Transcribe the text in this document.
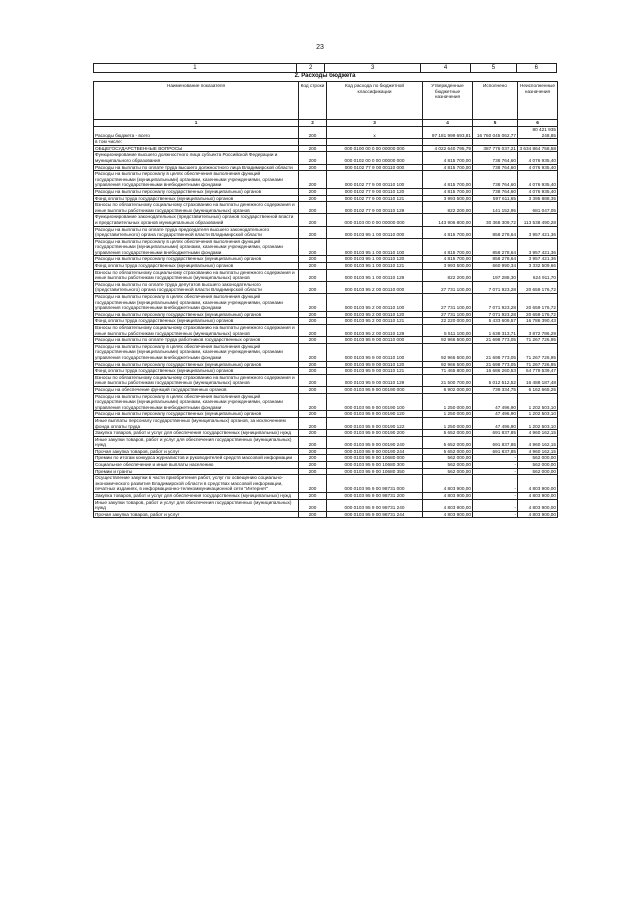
23
1	2	3	4	5	6
2. Расходы бюджета
Наименование показателя	Код строки	Код расхода по бюджетной классификации	Утвержденные бюджетные назначения	Исполнено	Неисполненные назначения
1	2	3	4	5	6
Расходы бюджета - всего	200	x	97 181 999 693,81	16 760 045 062,77	80 421 935 248,85
в том числе:					
ОБЩЕГОСУДАРСТВЕННЫЕ ВОПРОСЫ	200	000 0100 00 0 00 00000 000	4 022 640 795,79	387 776 037,21	3 634 864 758,58
Функционирование высшего должностного лица субъекта Российской Федерации и муниципального образования	200	000 0102 00 0 00 00000 000	4 815 700,00	738 764,60	4 076 935,40
Расходы на выплаты по оплате труда высшего должностного лица Владимирской области	200	000 0102 77 9 00 00110 000	4 815 700,00	738 764,60	4 076 935,40
Расходы на выплаты персоналу в целях обеспечения выполнения функций государственными (муниципальными) органами, казенными учреждениями, органами управления государственными внебюджетными фондами	200	000 0102 77 9 00 00110 100	4 815 700,00	738 764,60	4 076 935,40
Расходы на выплаты персоналу государственных (муниципальных) органов	200	000 0102 77 9 00 00110 120	4 815 700,00	738 764,60	4 076 935,40
Фонд оплаты труда государственных (муниципальных) органов	200	000 0102 77 9 00 00110 121	3 993 500,00	597 611,65	3 395 888,35
Взносы по обязательному социальному страхованию на выплаты денежного содержания и иные выплаты работникам государственных (муниципальных) органов	200	000 0102 77 9 00 00110 129	822 200,00	141 152,95	681 047,05
Функционирование законодательных (представительных) органов государственной власти и представительных органов муниципальных образований	200	000 0103 00 0 00 00000 000	143 906 800,00	30 368 309,72	113 538 490,28
Расходы на выплаты по оплате труда председателя высшего законодательного (представительного) органа государственной власти Владимирской области	200	000 0103 95 1 00 00110 000	4 815 700,00	858 278,64	3 957 421,36
Расходы на выплаты персоналу в целях обеспечения выполнения функций государственными (муниципальными) органами, казенными учреждениями, органами управления государственными внебюджетными фондами	200	000 0103 95 1 00 00110 100	4 815 700,00	858 278,64	3 957 421,36
Расходы на выплаты персоналу государственных (муниципальных) органов	200	000 0103 95 1 00 00110 120	4 815 700,00	858 278,64	3 957 421,36
Фонд оплаты труда государственных (муниципальных) органов	200	000 0103 95 1 00 00110 121	3 993 500,00	660 990,34	3 332 509,66
Взносы по обязательному социальному страхованию на выплаты денежного содержания и иные выплаты работникам государственных (муниципальных) органов	200	000 0103 95 1 00 00110 129	822 200,00	197 288,30	624 911,70
Расходы на выплаты по оплате труда депутатов высшего законодательного (представительного) органа государственной власти Владимирской области	200	000 0103 95 2 00 00110 000	27 731 100,00	7 071 923,28	20 659 176,72
Расходы на выплаты персоналу в целях обеспечения выполнения функций государственными (муниципальными) органами, казенными учреждениями, органами управления государственными внебюджетными фондами	200	000 0103 95 2 00 00110 100	27 731 100,00	7 071 923,28	20 659 176,72
Расходы на выплаты персоналу государственных (муниципальных) органов	200	000 0103 95 2 00 00110 120	27 731 100,00	7 071 923,28	20 659 176,72
Фонд оплаты труда государственных (муниципальных) органов	200	000 0103 95 2 00 00110 121	22 220 000,00	5 433 609,57	16 786 390,43
Взносы по обязательному социальному страхованию на выплаты денежного содержания и иные выплаты работникам государственных (муниципальных) органов	200	000 0103 95 2 00 00110 129	5 511 100,00	1 638 313,71	3 872 786,29
Расходы на выплаты по оплате труда работников государственных органов	200	000 0103 95 9 00 00110 000	92 966 500,00	21 698 773,05	71 267 726,95
Расходы на выплаты персоналу в целях обеспечения выполнения функций государственными (муниципальными) органами, казенными учреждениями, органами управления государственными внебюджетными фондами	200	000 0103 95 9 00 00110 100	92 966 500,00	21 698 773,05	71 267 726,95
Расходы на выплаты персоналу государственных (муниципальных) органов	200	000 0103 95 9 00 00110 120	92 966 500,00	21 698 773,05	71 267 726,95
Фонд оплаты труда государственных (муниципальных) органов	200	000 0103 95 9 00 00110 121	71 465 800,00	16 686 260,53	54 779 539,47
Взносы по обязательному социальному страхованию на выплаты денежного содержания и иные выплаты работникам государственных (муниципальных) органов	200	000 0103 95 9 00 00110 129	21 500 700,00	5 012 512,52	16 488 187,48
Расходы на обеспечение функций государственных органов	200	000 0103 95 9 00 00190 000	6 902 000,00	739 334,75	6 162 665,25
Расходы на выплаты персоналу в целях обеспечения выполнения функций государственными (муниципальными) органами, казенными учреждениями, органами управления государственными внебюджетными фондами	200	000 0103 95 9 00 00190 100	1 250 000,00	47 496,90	1 202 503,10
Расходы на выплаты персоналу государственных (муниципальных) органов	200	000 0103 95 9 00 00190 120	1 250 000,00	47 496,90	1 202 503,10
Иные выплаты персоналу государственных (муниципальных) органов, за исключением фонда оплаты труда	200	000 0103 95 9 00 00190 122	1 250 000,00	47 496,90	1 202 503,10
Закупка товаров, работ и услуг для обеспечения государственных (муниципальных) нужд	200	000 0103 95 9 00 00190 200	5 652 000,00	691 837,85	4 960 162,15
Иные закупки товаров, работ и услуг для обеспечения государственных (муниципальных) нужд	200	000 0103 95 9 00 00190 240	5 652 000,00	691 837,85	4 960 162,15
Прочая закупка товаров, работ и услуг	200	000 0103 95 9 00 00190 244	5 652 000,00	691 837,85	4 960 162,15
Премии по итогам конкурса журналистов и руководителей средств массовой информации	200	000 0103 95 9 00 10680 000	562 000,00	-	562 000,00
Социальное обеспечение и иные выплаты населению	200	000 0103 95 9 00 10680 300	562 000,00	-	562 000,00
Премии и гранты	200	000 0103 95 9 00 10680 350	562 000,00	-	562 000,00
Осуществление закупки в части приобретения работ, услуг по освещению социально-экономического развития Владимирской области в средствах массовой информации, печатных изданиях, в информационно-телекоммуникационной сети "Интернет"	200	000 0103 95 9 00 98731 000	4 803 900,00	-	4 803 900,00
Закупка товаров, работ и услуг для обеспечения государственных (муниципальных) нужд	200	000 0103 95 9 00 98731 200	4 803 900,00	-	4 803 900,00
Иные закупки товаров, работ и услуг для обеспечения государственных (муниципальных) нужд	200	000 0103 95 9 00 98731 240	4 803 900,00	-	4 803 900,00
Прочая закупка товаров, работ и услуг	200	000 0103 95 9 00 98731 244	4 803 900,00	-	4 803 900,00
